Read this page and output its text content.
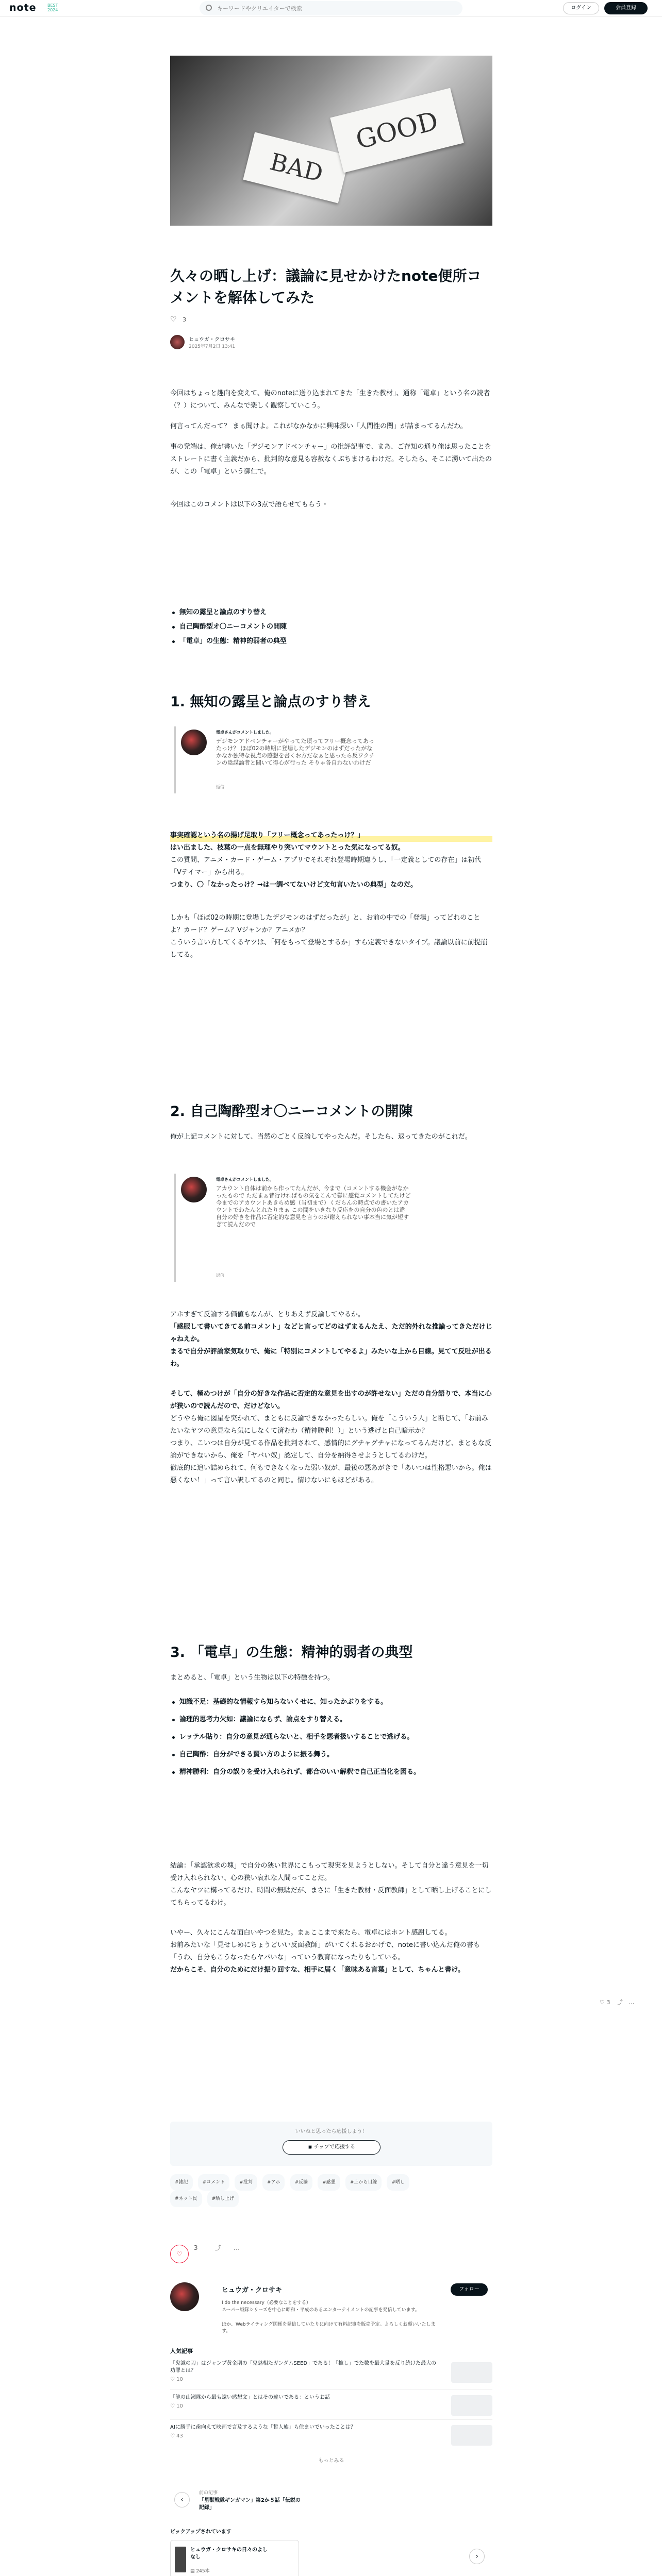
note	BEST
2024
キーワードやクリエイターで検索	ログイン	会員登録
BAD
GOOD
久々の晒し上げ：議論に見せかけたnote便所コメントを解体してみた
♡ 3
ヒュウガ・クロサキ
2025年7月2日 13:41

今回はちょっと趣向を変えて、俺のnoteに送り込まれてきた「生きた教材」、通称「電卓」という名の読者（？）について、みんなで楽しく観察していこう。

何言ってんだって？ まぁ聞けよ。これがなかなかに興味深い「人間性の闇」が詰まってるんだわ。

事の発端は、俺が書いた「デジモンアドベンチャー」の批評記事で、まあ、ご存知の通り俺は思ったことをストレートに書く主義だから、批判的な意見も容赦なくぶちまけるわけだ。そしたら、そこに湧いて出たのが、この「電卓」という御仁で。

今回はこのコメントは以下の3点で語らせてもらう・

無知の露呈と論点のすり替え
自己陶酔型オ〇ニーコメントの開陳
「電卓」の生態：精神的弱者の典型
1. 無知の露呈と論点のすり替え
電卓さんがコメントしました。
デジモンアドベンチャーがやってた頃ってフリー概念ってあったっけ？ ほぼ02の時期に登場したデジモンのはずだったがなかなか独特な視点の感想を書くお方だなぁと思ったら反ワクチンの陰謀論者と聞いて得心が行った そりゃ各自わないわけだ
返信

事実確認という名の揚げ足取り「フリー概念ってあったっけ？」

はい出ました、枝葉の一点を無理やり突いてマウントとった気になってる奴。

この質問、アニメ・カード・ゲーム・アプリでそれぞれ登場時期違うし、「一定義としての存在」は初代「Vテイマー」から出る。

つまり、〇「なかったっけ？→は一調べてないけど文句言いたいの典型」なのだ。

しかも「ほぼ02の時期に登場したデジモンのはずだったが」と、お前の中での「登場」ってどれのことよ？カード？ゲーム？Vジャンか？アニメか？

こういう言い方してくるヤツは、「何をもって登場とするか」すら定義できないタイプ。議論以前に前提崩してる。

2. 自己陶酔型オ〇ニーコメントの開陳

俺が上記コメントに対して、当然のごとく反論してやったんだ。そしたら、返ってきたのがこれだ。

電卓さんがコメントしました。
アカウント自体は前から作ってたんだが、今まで（コメントする機会がなかったもので ただまぁ昔行ければもの気をこんで鬱に感覚コメントしてたけど今までのアカウントあきらめ感（当初まで）くだらんの時点での書いたアカウントでわたんとれたりまぁ この間をいきなり反応をの自分の色のとは違 自分の好きを作品に否定的な意見を言うのが耐えられない事本当に気が短すぎて読んだので
返信

アホすぎて反論する価値もなんが、とりあえず反論してやるか。

「感服して書いてきてる前コメント」などと言ってどのはずまるんたえ、ただ的外れな推論ってきただけじゃねえか。

まるで自分が評論家気取りで、俺に「特別にコメントしてやるよ」みたいな上から目線。見てて反吐が出るわ。

そして、極めつけが「自分の好きな作品に否定的な意見を出すのが許せない」ただの自分語りで、本当に心が狭いので読んだので、だけどない。

どうやら俺に図星を突かれて、まともに反論できなかったらしい。俺を「こういう人」と断じて、「お前みたいなヤツの意見なら気にしなくて済むわ（精神勝利！）」という逃げと自己暗示か？

つまり、こいつは自分が見てる作品を批判されて、感情的にグチャグチャになってるんだけど、まともな反論ができないから、俺を「ヤバい奴」認定して、自分を納得させようとしてるわけだ。

徹底的に追い詰められて、何もできなくなった弱い奴が、最後の悪あがきで「あいつは性格悪いから。俺は悪くない！」って言い訳してるのと同じ。情けないにもほどがある。

3. 「電卓」の生態：精神的弱者の典型

まとめると、「電卓」という生物は以下の特徴を持つ。

知識不足：基礎的な情報すら知らないくせに、知ったかぶりをする。
論理的思考力欠如：議論にならず、論点をすり替える。
レッテル貼り：自分の意見が通らないと、相手を悪者扱いすることで逃げる。
自己陶酔：自分ができる賢い方のように振る舞う。
精神勝利：自分の誤りを受け入れられず、都合のいい解釈で自己正当化を図る。

結論：「承認欲求の塊」で自分の狭い世界にこもって現実を見ようとしない。そして自分と違う意見を一切受け入れられない、心の狭い哀れな人間ってことだ。

こんなヤツに構ってるだけ、時間の無駄だが、まさに「生きた教材・反面教師」として晒し上げることにしてもらってるわけ。

いやー、久々にこんな面白いやつを見た。まぁここまで来たら、電卓にはホント感謝してる。

お前みたいな「見せしめにちょうどいい反面教師」がいてくれるおかげで、noteに書い込んだ俺の書も「うわ、自分もこうなったらヤバいな」っていう教育になったりもしている。

だからこそ、自分のためにだけ振り回すな、相手に届く「意味ある言葉」として、ちゃんと書け。

♡ 3 ⤴ …
いいねと思ったら応援しよう！
◉ チップで応援する
#雑記	#コメント	#批判	#アホ	#反論	#感想	#上から目線	#晒し
#ネット民	#晒し上げ
♡ 3	⤴ …
ヒュウガ・クロサキ	フォロー
I do the necessary（必要なことをする）
スーパー戦隊シリーズを中心に昭和・平成のあるエンターテイメントの記事を発信しています。
ほか、Webライティング関係を発信していたりに向けて有料記事を販売予定。よろしくお願いいたします。
人気記事
「鬼滅の刃」はジャンプ黄金期の「鬼魅相たガンダムSEED」である！「推し」でた数を最大量を反り続けた最大の功罪とは？
♡ 10
「龍の山瀬隊から最も遠い感想文」とはその違いである：というお話
♡ 10
AIに勝手に歯向えて映画で言及するような「哲人族」ら住まいでいったことは？
♡ 43
もっとみる
‹
前の記事
「星獣戦隊ギンガマン」第2か５話「伝説の記録」
ピックアップされています
ヒュウガ・クロサキの日々のよしなし
▤ 245本
›
